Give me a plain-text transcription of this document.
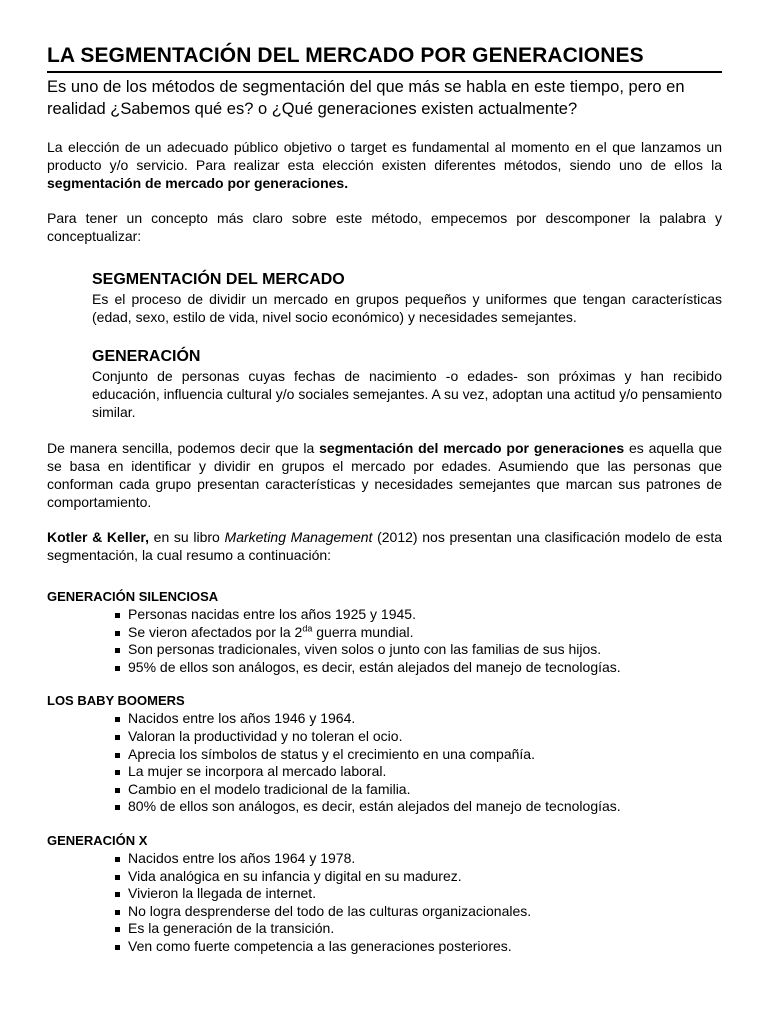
LA SEGMENTACIÓN DEL MERCADO POR GENERACIONES
Es uno de los métodos de segmentación del que más se habla en este tiempo, pero en realidad ¿Sabemos qué es? o ¿Qué generaciones existen actualmente?

La elección de un adecuado público objetivo o target es fundamental al momento en el que lanzamos un producto y/o servicio. Para realizar esta elección existen diferentes métodos, siendo uno de ellos la segmentación de mercado por generaciones.

Para tener un concepto más claro sobre este método, empecemos por descomponer la palabra y conceptualizar:

SEGMENTACIÓN DEL MERCADO

Es el proceso de dividir un mercado en grupos pequeños y uniformes que tengan características (edad, sexo, estilo de vida, nivel socio económico) y necesidades semejantes.

GENERACIÓN

Conjunto de personas cuyas fechas de nacimiento -o edades- son próximas y han recibido educación, influencia cultural y/o sociales semejantes. A su vez, adoptan una actitud y/o pensamiento similar.

De manera sencilla, podemos decir que la segmentación del mercado por generaciones es aquella que se basa en identificar y dividir en grupos el mercado por edades. Asumiendo que las personas que conforman cada grupo presentan características y necesidades semejantes que marcan sus patrones de comportamiento.

Kotler & Keller, en su libro Marketing Management (2012) nos presentan una clasificación modelo de esta segmentación, la cual resumo a continuación:

GENERACIÓN SILENCIOSA
Personas nacidas entre los años 1925 y 1945.
Se vieron afectados por la $2^{da}$ guerra mundial.
Son personas tradicionales, viven solos o junto con las familias de sus hijos.
95% de ellos son análogos, es decir, están alejados del manejo de tecnologías.
LOS BABY BOOMERS
Nacidos entre los años 1946 y 1964.
Valoran la productividad y no toleran el ocio.
Aprecia los símbolos de status y el crecimiento en una compañía.
La mujer se incorpora al mercado laboral.
Cambio en el modelo tradicional de la familia.
80% de ellos son análogos, es decir, están alejados del manejo de tecnologías.
GENERACIÓN X
Nacidos entre los años 1964 y 1978.
Vida analógica en su infancia y digital en su madurez.
Vivieron la llegada de internet.
No logra desprenderse del todo de las culturas organizacionales.
Es la generación de la transición.
Ven como fuerte competencia a las generaciones posteriores.
